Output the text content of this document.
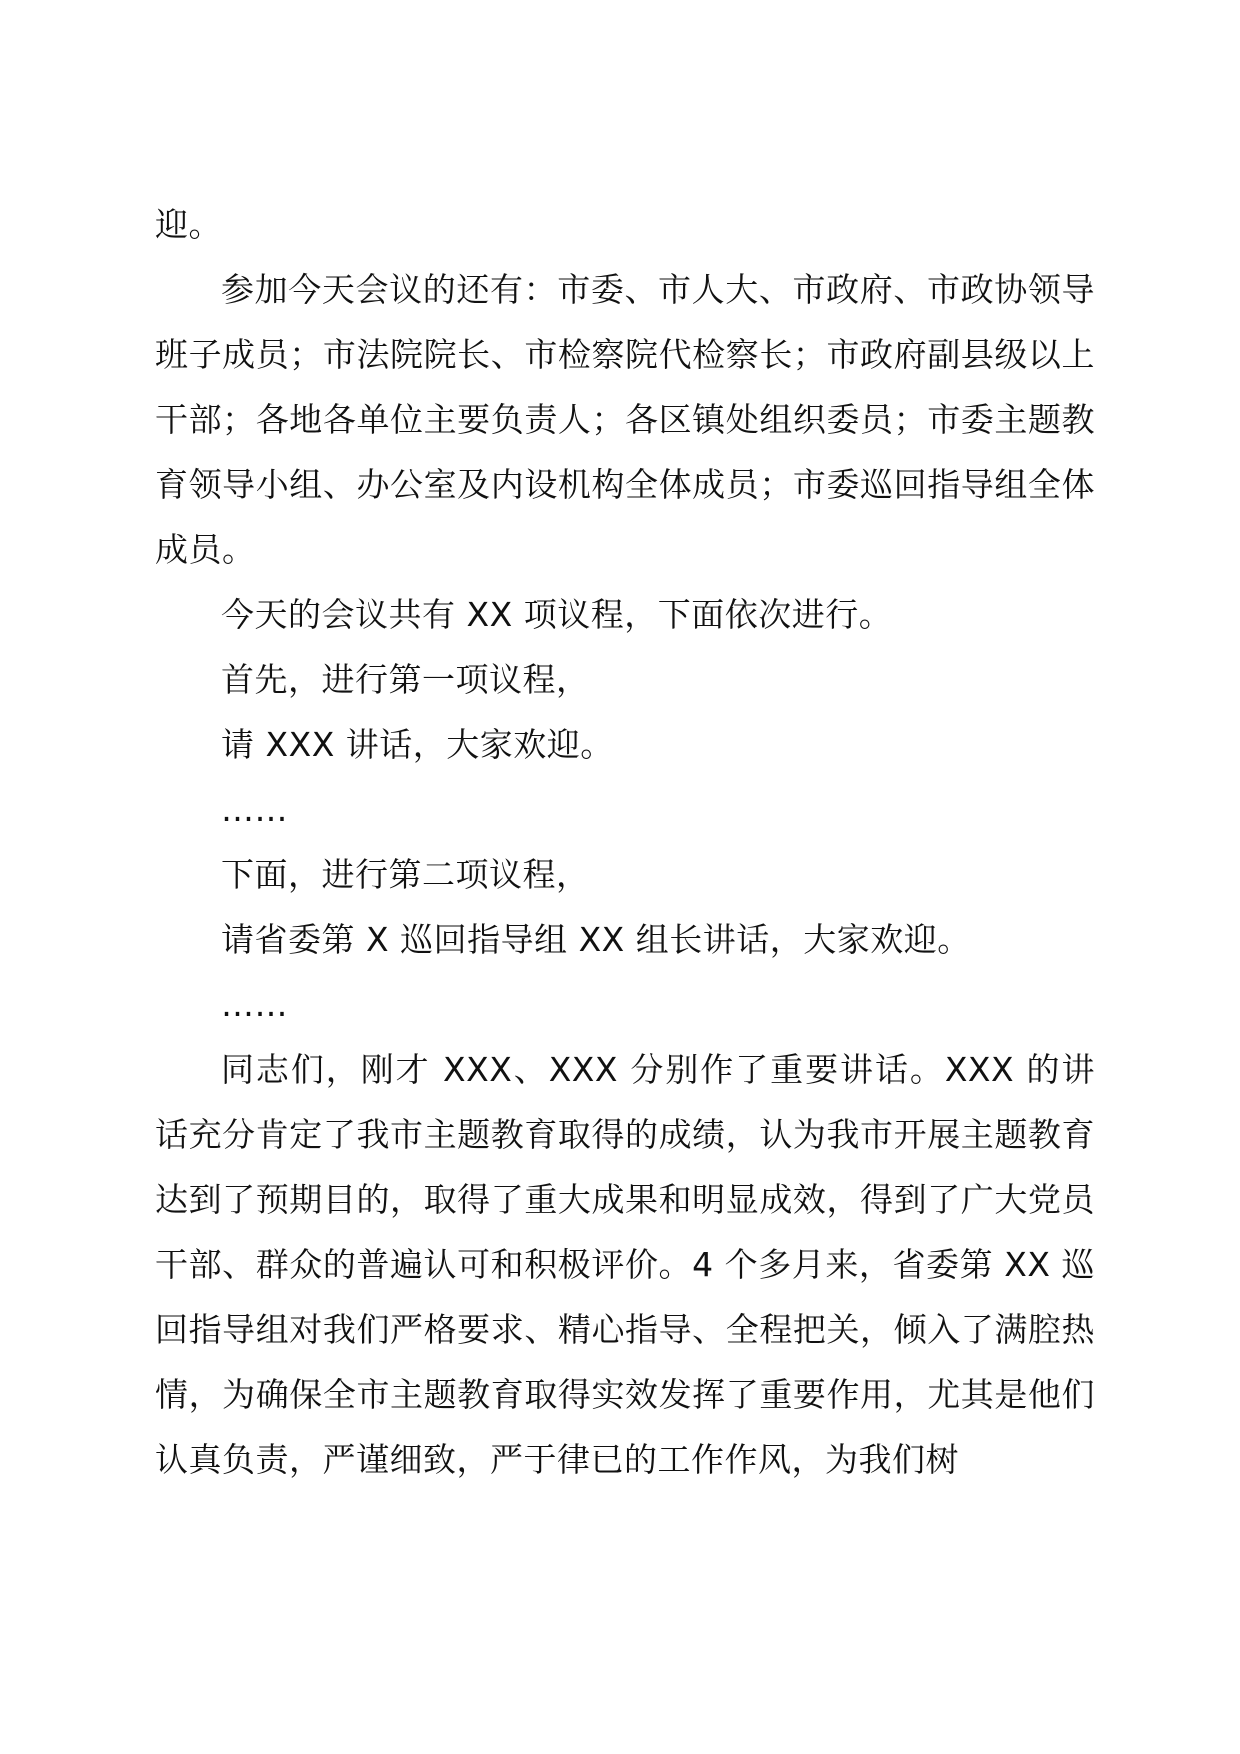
迎。

参加今天会议的还有：市委、市人大、市政府、市政协领导班子成员；市法院院长、市检察院代检察长；市政府副县级以上干部；各地各单位主要负责人；各区镇处组织委员；市委主题教育领导小组、办公室及内设机构全体成员；市委巡回指导组全体成员。

今天的会议共有 XX 项议程，下面依次进行。

首先，进行第一项议程，

请 XXX 讲话，大家欢迎。

……

下面，进行第二项议程，

请省委第 X 巡回指导组 XX 组长讲话，大家欢迎。

……

同志们，刚才 XXX、XXX 分别作了重要讲话。XXX 的讲话充分肯定了我市主题教育取得的成绩，认为我市开展主题教育达到了预期目的，取得了重大成果和明显成效，得到了广大党员干部、群众的普遍认可和积极评价。4 个多月来，省委第 XX 巡回指导组对我们严格要求、精心指导、全程把关，倾入了满腔热情，为确保全市主题教育取得实效发挥了重要作用，尤其是他们认真负责，严谨细致，严于律已的工作作风，为我们树
